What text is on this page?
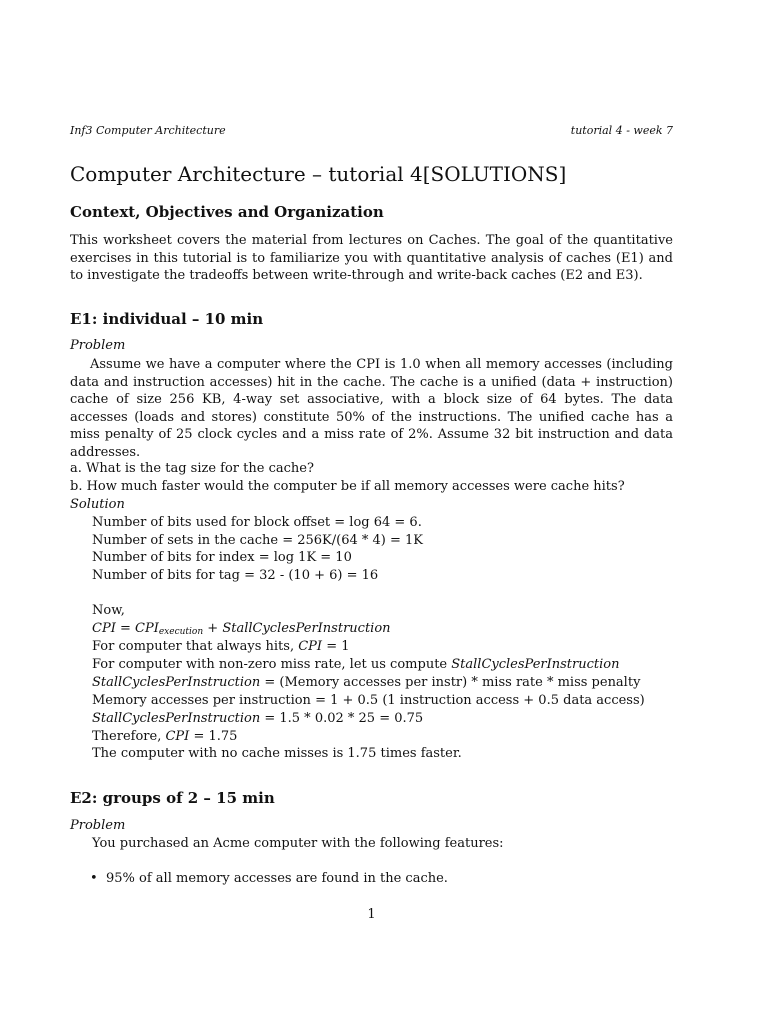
Inf3 Computer Architecture	tutorial 4 - week 7
Computer Architecture – tutorial 4[SOLUTIONS]
Context, Objectives and Organization

This worksheet covers the material from lectures on Caches. The goal of the quantitative exercises in this tutorial is to familiarize you with quantitative analysis of caches (E1) and to investigate the tradeoffs between write-through and write-back caches (E2 and E3).

E1: individual – 10 min
Problem

Assume we have a computer where the CPI is 1.0 when all memory accesses (including data and instruction accesses) hit in the cache. The cache is a unified (data + instruction) cache of size 256 KB, 4-way set associative, with a block size of 64 bytes. The data accesses (loads and stores) constitute 50% of the instructions. The unified cache has a miss penalty of 25 clock cycles and a miss rate of 2%. Assume 32 bit instruction and data addresses.

a. What is the tag size for the cache?
b. How much faster would the computer be if all memory accesses were cache hits?
Solution
Number of bits used for block offset = log 64 = 6.
Number of sets in the cache = 256K/(64 * 4) = 1K
Number of bits for index = log 1K = 10
Number of bits for tag = 32 - (10 + 6) = 16
Now,
CPI = $CPI_{execution}$ + StallCyclesPerInstruction
For computer that always hits, CPI = 1
For computer with non-zero miss rate, let us compute StallCyclesPerInstruction
StallCyclesPerInstruction = (Memory accesses per instr) * miss rate * miss penalty
Memory accesses per instruction = 1 + 0.5 (1 instruction access + 0.5 data access)
StallCyclesPerInstruction = 1.5 * 0.02 * 25 = 0.75
Therefore, CPI = 1.75
The computer with no cache misses is 1.75 times faster.
E2: groups of 2 – 15 min
Problem
You purchased an Acme computer with the following features:
• 95% of all memory accesses are found in the cache.
1
